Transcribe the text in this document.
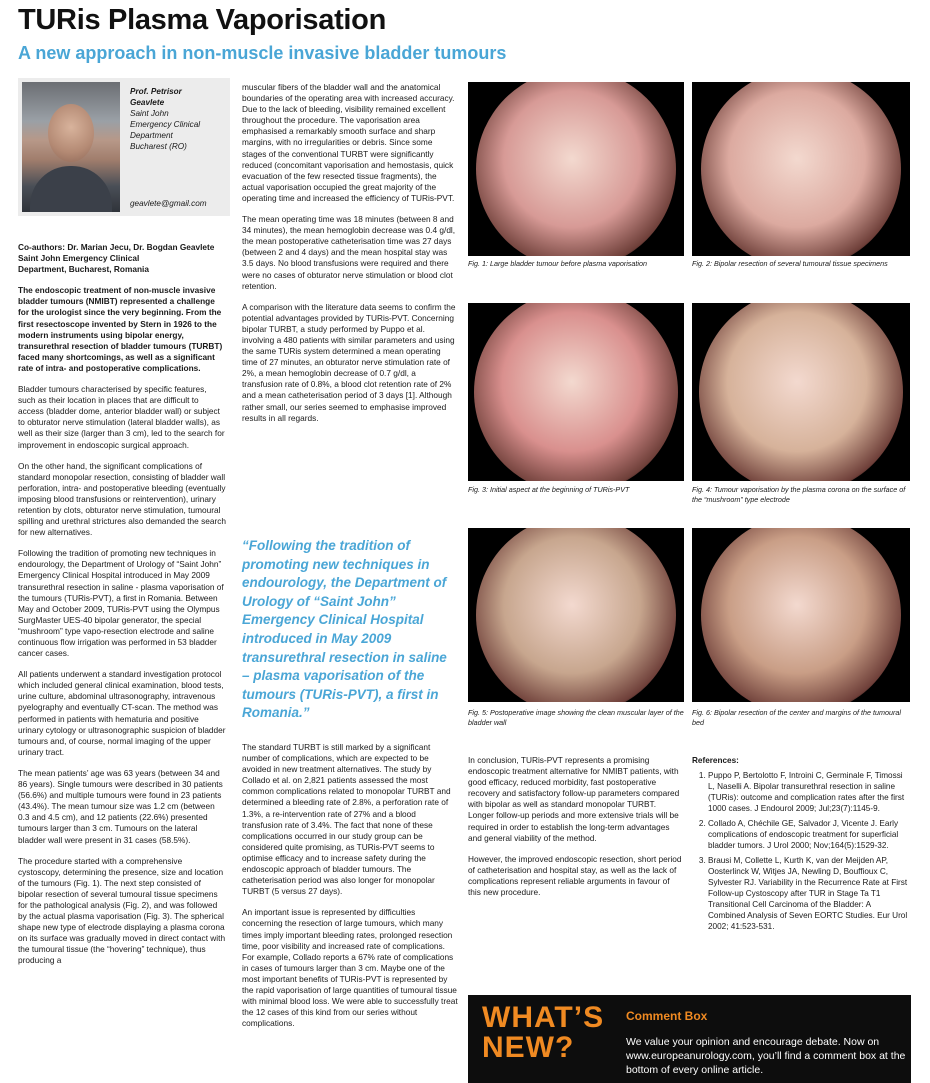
TURis Plasma Vaporisation
A new approach in non-muscle invasive bladder tumours
Prof. Petrisor
Geavlete
Saint John
Emergency Clinical
Department
Bucharest (RO)
geavlete@gmail.com

Co-authors: Dr. Marian Jecu, Dr. Bogdan Geavlete
Saint John Emergency Clinical
Department, Bucharest, Romania

The endoscopic treatment of non-muscle invasive bladder tumours (NMIBT) represented a challenge for the urologist since the very beginning. From the first resectoscope invented by Stern in 1926 to the modern instruments using bipolar energy, transurethral resection of bladder tumours (TURBT) faced many shortcomings, as well as a significant rate of intra- and postoperative complications.

Bladder tumours characterised by specific features, such as their location in places that are difficult to access (bladder dome, anterior bladder wall) or subject to obturator nerve stimulation (lateral bladder walls), as well as their size (larger than 3 cm), led to the search for improvement in endoscopic surgical approach.

On the other hand, the significant complications of standard monopolar resection, consisting of bladder wall perforation, intra- and postoperative bleeding (eventually imposing blood transfusions or reintervention), urinary retention by clots, obturator nerve stimulation, tumoural spilling and urethral strictures also demanded the search for new alternatives.

Following the tradition of promoting new techniques in endourology, the Department of Urology of “Saint John” Emergency Clinical Hospital introduced in May 2009 transurethral resection in saline - plasma vaporisation of the tumours (TURis-PVT), a first in Romania. Between May and October 2009, TURis-PVT using the Olympus SurgMaster UES-40 bipolar generator, the special “mushroom” type vapo-resection electrode and saline continuous flow irrigation was performed in 53 bladder cancer cases.

All patients underwent a standard investigation protocol which included general clinical examination, blood tests, urine culture, abdominal ultrasonography, intravenous pyelography and eventually CT-scan. The method was performed in patients with hematuria and positive urinary cytology or ultrasonographic suspicion of bladder tumours and, of course, normal imaging of the upper urinary tract.

The mean patients’ age was 63 years (between 34 and 86 years). Single tumours were described in 30 patients (56.6%) and multiple tumours were found in 23 patients (43.4%). The mean tumour size was 1.2 cm (between 0.3 and 4.5 cm), and 12 patients (22.6%) presented tumours larger than 3 cm. Tumours on the lateral bladder wall were present in 31 cases (58.5%).

The procedure started with a comprehensive cystoscopy, determining the presence, size and location of the tumours (Fig. 1). The next step consisted of bipolar resection of several tumoural tissue specimens for the pathological analysis (Fig. 2), and was followed by the actual plasma vaporisation (Fig. 3). The spherical shape new type of electrode displaying a plasma corona on its surface was gradually moved in direct contact with the tumoural tissue (the “hovering” technique), thus producing a

muscular fibers of the bladder wall and the anatomical boundaries of the operating area with increased accuracy. Due to the lack of bleeding, visibility remained excellent throughout the procedure. The vaporisation area emphasised a remarkably smooth surface and sharp margins, with no irregularities or debris. Since some stages of the conventional TURBT were significantly reduced (concomitant vaporisation and hemostasis, quick evacuation of the few resected tissue fragments), the actual vaporisation occupied the great majority of the operating time and increased the efficiency of TURis-PVT.

The mean operating time was 18 minutes (between 8 and 34 minutes), the mean hemoglobin decrease was 0.4 g/dl, the mean postoperative catheterisation time was 27 days (between 2 and 4 days) and the mean hospital stay was 3.5 days. No blood transfusions were required and there were no cases of obturator nerve stimulation or blood clot retention.

A comparison with the literature data seems to confirm the potential advantages provided by TURis-PVT. Concerning bipolar TURBT, a study performed by Puppo et al. involving a 480 patients with similar parameters and using the same TURis system determined a mean operating time of 27 minutes, an obturator nerve stimulation rate of 2%, a mean hemoglobin decrease of 0.7 g/dl, a transfusion rate of 0.8%, a blood clot retention rate of 2% and a mean catheterisation period of 3 days [1]. Although rather small, our series seemed to emphasise improved results in all regards.

“Following the tradition of promoting new techniques in endourology, the Department of Urology of “Saint John” Emergency Clinical Hospital introduced in May 2009 transurethral resection in saline – plasma vaporisation of the tumours (TURis-PVT), a first in Romania.”

The standard TURBT is still marked by a significant number of complications, which are expected to be avoided in new treatment alternatives. The study by Collado et al. on 2,821 patients assessed the most common complications related to monopolar TURBT and determined a bleeding rate of 2.8%, a perforation rate of 1.3%, a re-intervention rate of 27% and a blood transfusion rate of 3.4%. The fact that none of these complications occurred in our study group can be considered quite promising, as TURis-PVT seems to optimise efficacy and to increase safety during the endoscopic approach of bladder tumours. The catheterisation period was also longer for monopolar TURBT (5 versus 27 days).

An important issue is represented by difficulties concerning the resection of large tumours, which many times imply important bleeding rates, prolonged resection time, poor visibility and increased rate of complications. For example, Collado reports a 67% rate of complications in cases of tumours larger than 3 cm. Maybe one of the most important benefits of TURis-PVT is represented by the rapid vaporisation of large quantities of tumoural tissue with minimal blood loss. We were able to successfully treat the 12 cases of this kind from our series without complications.

Fig. 1: Large bladder tumour before plasma vaporisation	Fig. 2: Bipolar resection of several tumoural tissue specimens
Fig. 3: Initial aspect at the beginning of TURis-PVT	Fig. 4: Tumour vaporisation by the plasma corona on the surface of the “mushroom” type electrode
Fig. 5: Postoperative image showing the clean muscular layer of the bladder wall
Fig. 6: Bipolar resection of the center and margins of the tumoural bed

In conclusion, TURis-PVT represents a promising endoscopic treatment alternative for NMIBT patients, with good efficacy, reduced morbidity, fast postoperative recovery and satisfactory follow-up parameters compared with bipolar as well as standard monopolar TURBT. Longer follow-up periods and more extensive trials will be required in order to establish the long-term advantages and general viability of the method.

However, the improved endoscopic resection, short period of catheterisation and hospital stay, as well as the lack of complications represent reliable arguments in favour of this new procedure.

References:
1. Puppo P, Bertolotto F, Introini C, Germinale F, Timossi L, Naselli A. Bipolar transurethral resection in saline (TURis): outcome and complication rates after the first 1000 cases. J Endourol 2009; Jul;23(7):1145-9.
2. Collado A, Chéchile GE, Salvador J, Vicente J. Early complications of endoscopic treatment for superficial bladder tumors. J Urol 2000; Nov;164(5):1529-32.
3. Brausi M, Collette L, Kurth K, van der Meijden AP, Oosterlinck W, Witjes JA, Newling D, Bouffioux C, Sylvester RJ. Variability in the Recurrence Rate at First Follow-up Cystoscopy after TUR in Stage Ta T1 Transitional Cell Carcinoma of the Bladder: A Combined Analysis of Seven EORTC Studies. Eur Urol 2002; 41:523-531.
WHAT’S
NEW?
Comment Box
We value your opinion and encourage debate. Now on www.europeanurology.com, you’ll find a comment box at the bottom of every online article.
